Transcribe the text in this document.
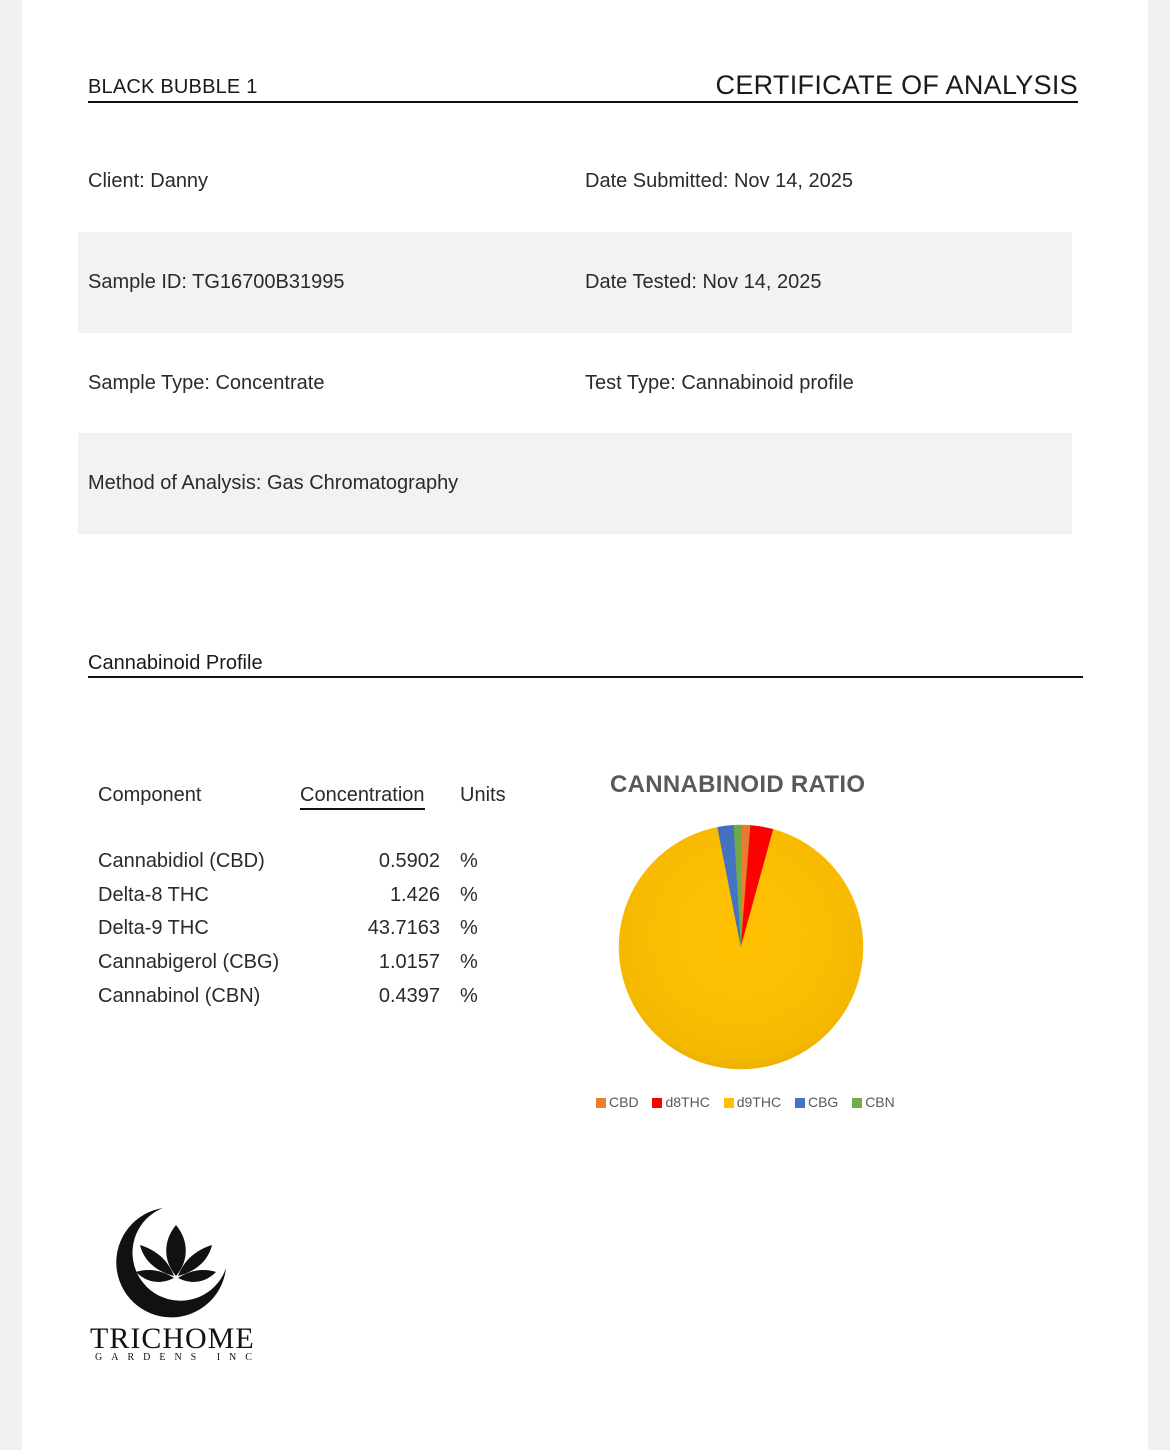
BLACK BUBBLE 1	CERTIFICATE OF ANALYSIS
Client: Danny	Date Submitted: Nov 14, 2025
Sample ID: TG16700B31995	Date Tested: Nov 14, 2025
Sample Type: Concentrate	Test Type: Cannabinoid profile
Method of Analysis: Gas Chromatography
Cannabinoid Profile
Component	Concentration Units
Cannabidiol (CBD)	0.5902 %
Delta-8 THC	1.426 %
Delta-9 THC	43.7163 %
Cannabigerol (CBG)	1.0157 %
Cannabinol (CBN)	0.4397 %
CANNABINOID RATIO
CBD d8THC d9THC CBG CBN
TRICHOME
GARDENS INC
